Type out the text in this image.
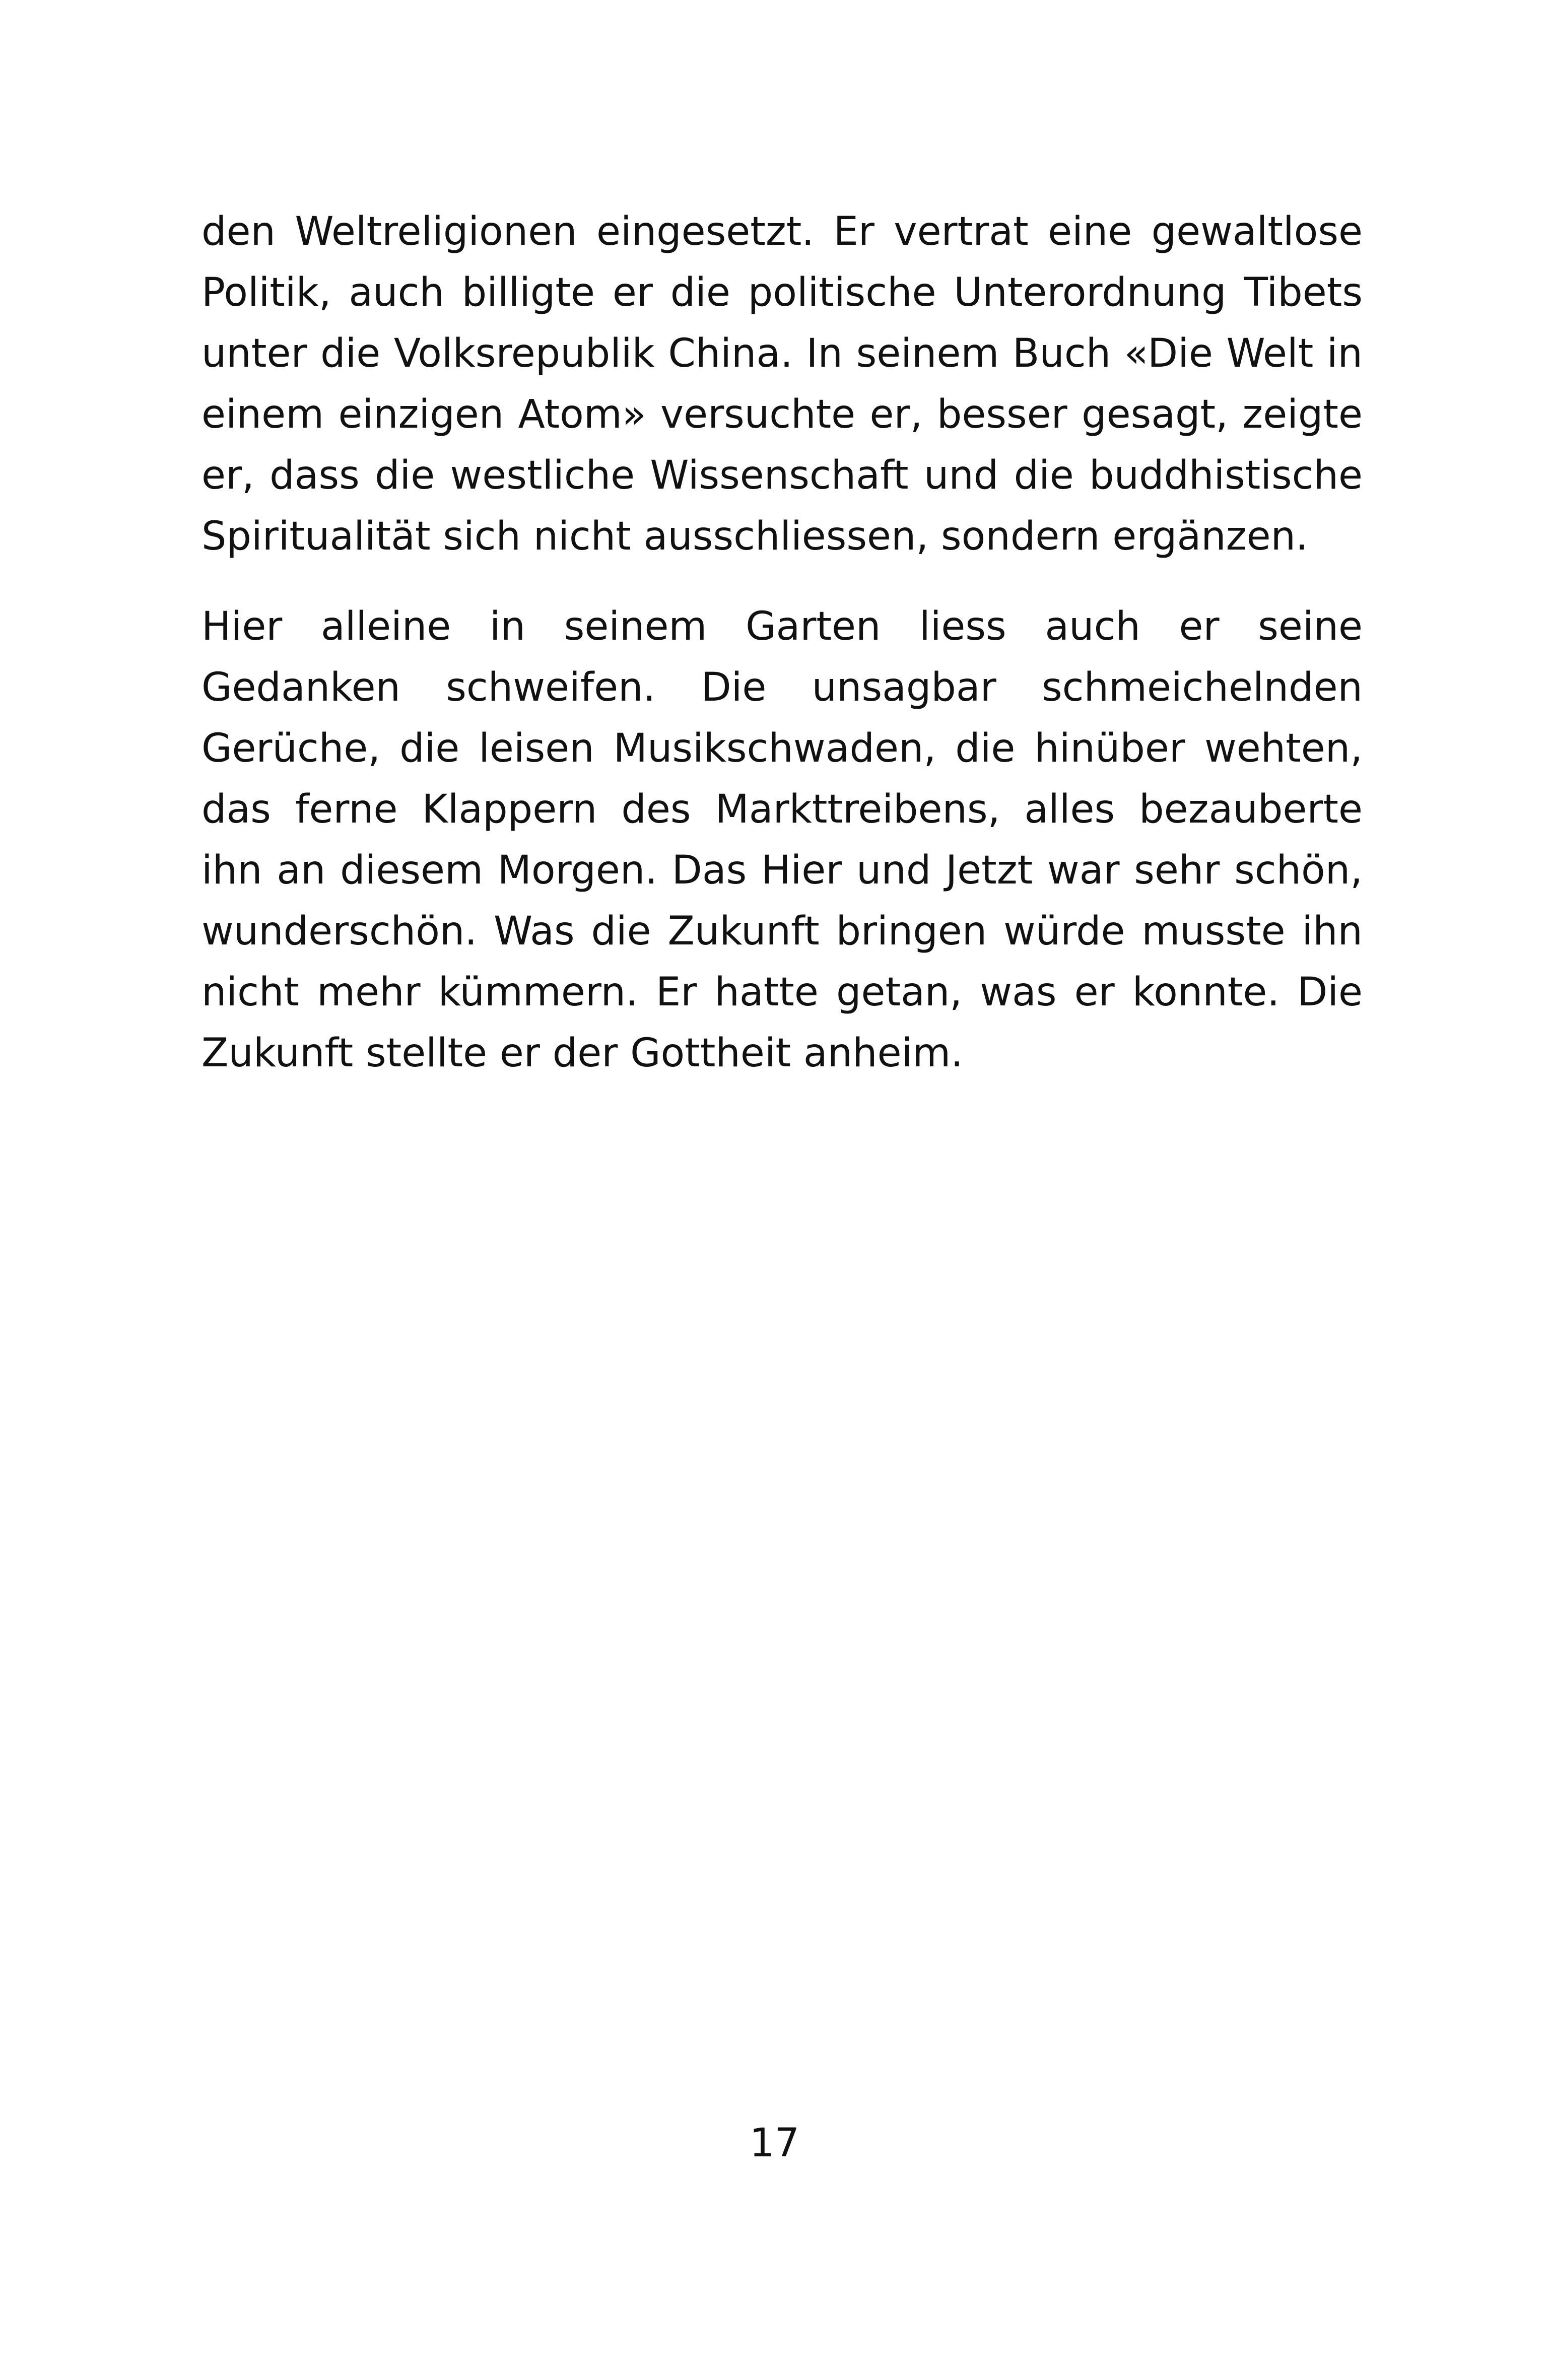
den Weltreligionen eingesetzt. Er vertrat eine gewaltlose Politik, auch billigte er die politische Unterordnung Tibets unter die Volksrepublik China. In seinem Buch «Die Welt in einem einzigen Atom» versuchte er, besser gesagt, zeigte er, dass die westliche Wissenschaft und die buddhistische Spiritualität sich nicht ausschliessen, sondern ergänzen.

Hier alleine in seinem Garten liess auch er seine Gedanken schweifen. Die unsagbar schmeichelnden Gerüche, die leisen Musikschwaden, die hinüber wehten, das ferne Klappern des Markttreibens, alles bezauberte ihn an diesem Morgen. Das Hier und Jetzt war sehr schön, wunderschön. Was die Zukunft bringen würde musste ihn nicht mehr kümmern. Er hatte getan, was er konnte. Die Zukunft stellte er der Gottheit anheim.

17
